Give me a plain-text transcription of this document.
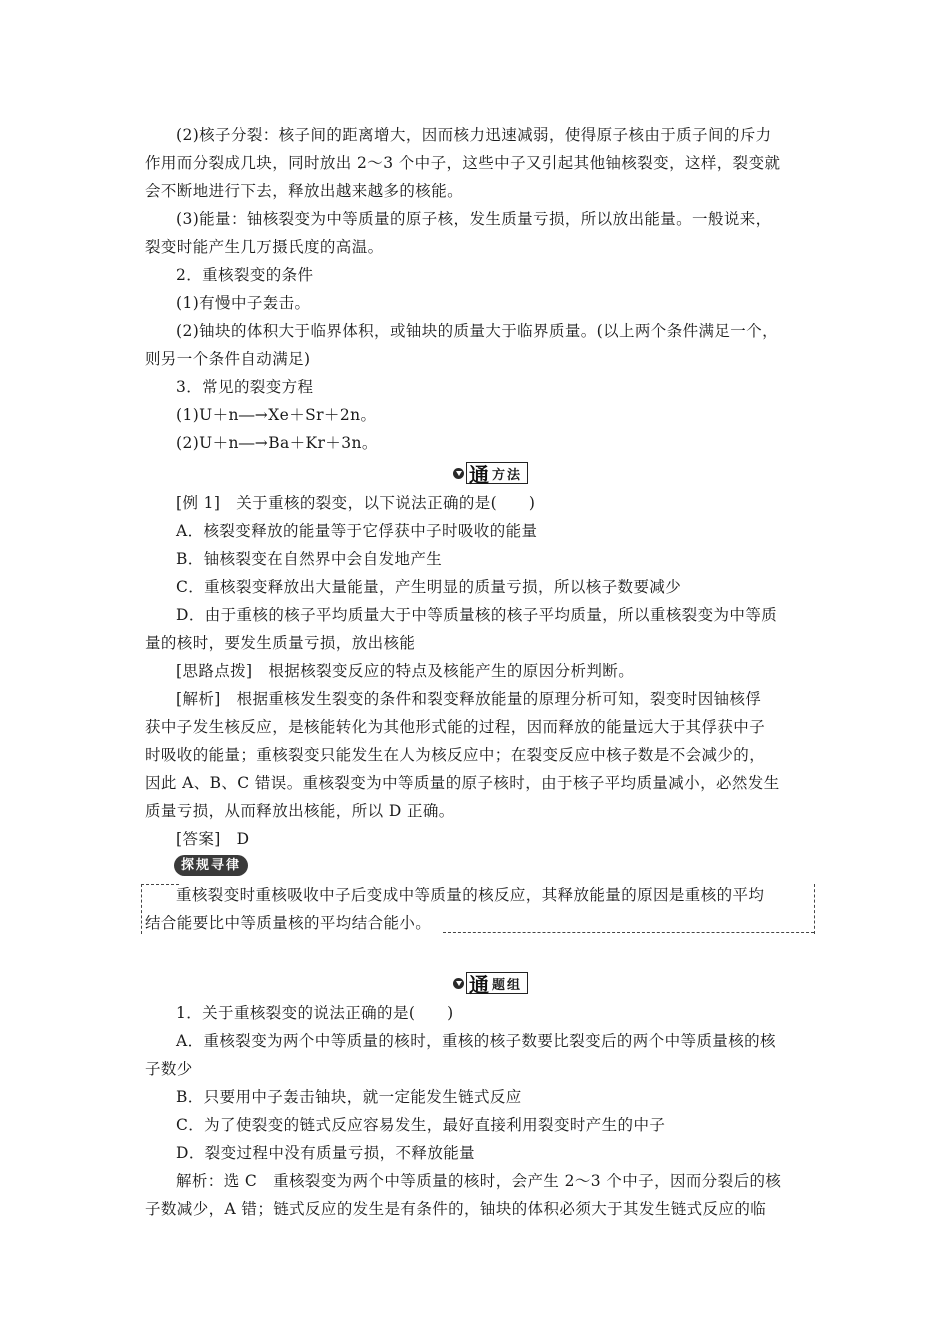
(2)核子分裂：核子间的距离增大，因而核力迅速减弱，使得原子核由于质子间的斥力
作用而分裂成几块，同时放出 2～3 个中子，这些中子又引起其他铀核裂变，这样，裂变就
会不断地进行下去，释放出越来越多的核能。
(3)能量：铀核裂变为中等质量的原子核，发生质量亏损，所以放出能量。一般说来，
裂变时能产生几万摄氏度的高温。
2．重核裂变的条件
(1)有慢中子轰击。
(2)铀块的体积大于临界体积，或铀块的质量大于临界质量。(以上两个条件满足一个，
则另一个条件自动满足)
3．常见的裂变方程
(1)U＋n―→Xe＋Sr＋2n。
(2)U＋n―→Ba＋Kr＋3n。
通 方法
[例 1]　关于重核的裂变，以下说法正确的是(　　)
A．核裂变释放的能量等于它俘获中子时吸收的能量
B．铀核裂变在自然界中会自发地产生
C．重核裂变释放出大量能量，产生明显的质量亏损，所以核子数要减少
D．由于重核的核子平均质量大于中等质量核的核子平均质量，所以重核裂变为中等质
量的核时，要发生质量亏损，放出核能
[思路点拨]　根据核裂变反应的特点及核能产生的原因分析判断。
[解析]　根据重核发生裂变的条件和裂变释放能量的原理分析可知，裂变时因铀核俘
获中子发生核反应，是核能转化为其他形式能的过程，因而释放的能量远大于其俘获中子
时吸收的能量；重核裂变只能发生在人为核反应中；在裂变反应中核子数是不会减少的，
因此 A、B、C 错误。重核裂变为中等质量的原子核时，由于核子平均质量减小，必然发生
质量亏损，从而释放出核能，所以 D 正确。
[答案]　D
探规寻律
重核裂变时重核吸收中子后变成中等质量的核反应，其释放能量的原因是重核的平均
结合能要比中等质量核的平均结合能小。
通 题组
1．关于重核裂变的说法正确的是(　　)
A．重核裂变为两个中等质量的核时，重核的核子数要比裂变后的两个中等质量核的核
子数少
B．只要用中子轰击铀块，就一定能发生链式反应
C．为了使裂变的链式反应容易发生，最好直接利用裂变时产生的中子
D．裂变过程中没有质量亏损，不释放能量
解析：选 C　重核裂变为两个中等质量的核时，会产生 2～3 个中子，因而分裂后的核
子数减少，A 错；链式反应的发生是有条件的，铀块的体积必须大于其发生链式反应的临
